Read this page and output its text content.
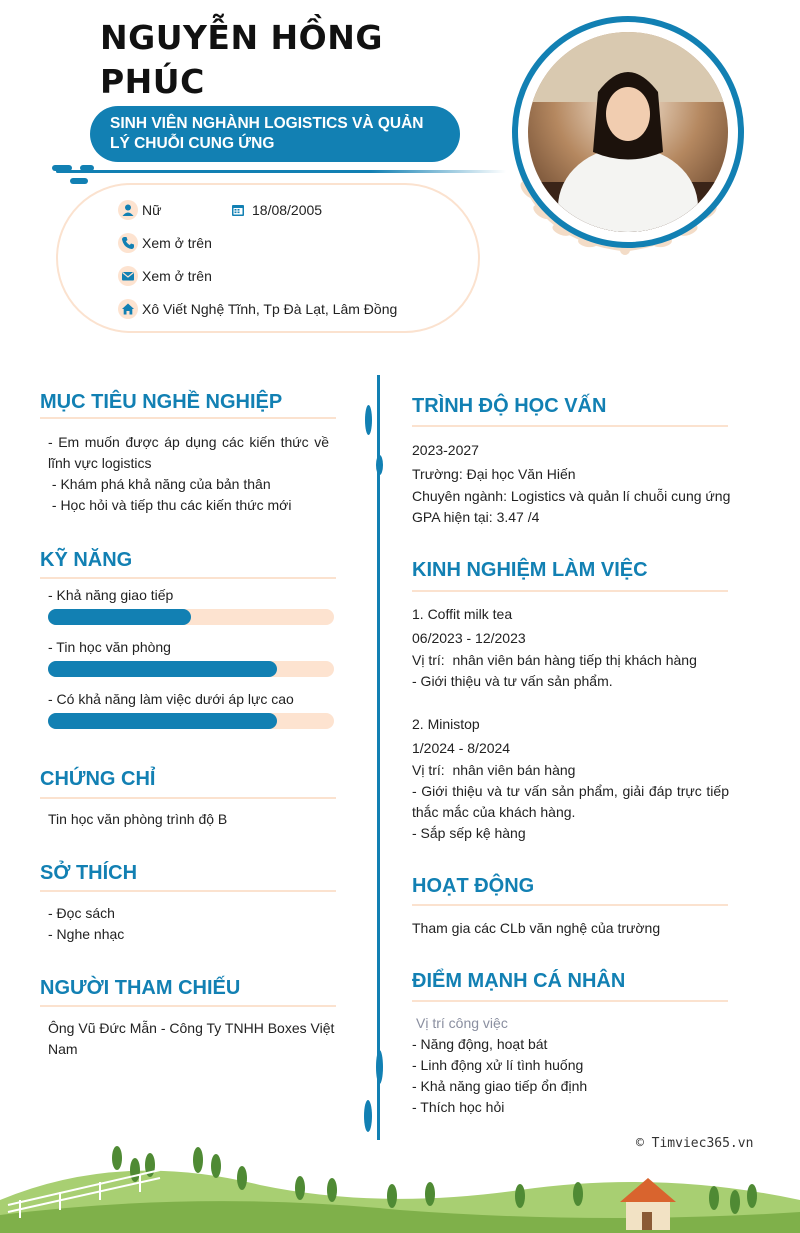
NGUYỄN HỒNG PHÚC
SINH VIÊN NGHÀNH LOGISTICS VÀ QUẢN LÝ CHUỖI CUNG ỨNG
Nữ	18/08/2005
Xem ở trên
Xem ở trên
Xô Viết Nghệ Tĩnh, Tp Đà Lạt, Lâm Đồng
MỤC TIÊU NGHỀ NGHIỆP
- Em muốn được áp dụng các kiến thức về lĩnh vực logistics
- Khám phá khả năng của bản thân
- Học hỏi và tiếp thu các kiến thức mới
KỸ NĂNG
- Khả năng giao tiếp
- Tin học văn phòng
- Có khả năng làm việc dưới áp lực cao
CHỨNG CHỈ
Tin học văn phòng trình độ B
SỞ THÍCH
- Đọc sách
- Nghe nhạc
NGƯỜI THAM CHIẾU
Ông Vũ Đức Mẫn - Công Ty TNHH Boxes Việt Nam
TRÌNH ĐỘ HỌC VẤN
2023-2027
Trường: Đại học Văn Hiến
Chuyên ngành: Logistics và quản lí chuỗi cung ứng
GPA hiện tại: 3.47 /4
KINH NGHIỆM LÀM VIỆC
1. Coffit milk tea
06/2023 - 12/2023
Vị trí:  nhân viên bán hàng tiếp thị khách hàng
- Giới thiệu và tư vấn sản phẩm.
2. Ministop
1/2024 - 8/2024
Vị trí:  nhân viên bán hàng
- Giới thiệu và tư vấn sản phẩm, giải đáp trực tiếp thắc mắc của khách hàng.
- Sắp sếp kệ hàng
HOẠT ĐỘNG
Tham gia các CLb văn nghệ của trường
ĐIỂM MẠNH CÁ NHÂN
Vị trí công việc
- Năng động, hoạt bát
- Linh động xử lí tình huống
- Khả năng giao tiếp ổn định
- Thích học hỏi
© Timviec365.vn
